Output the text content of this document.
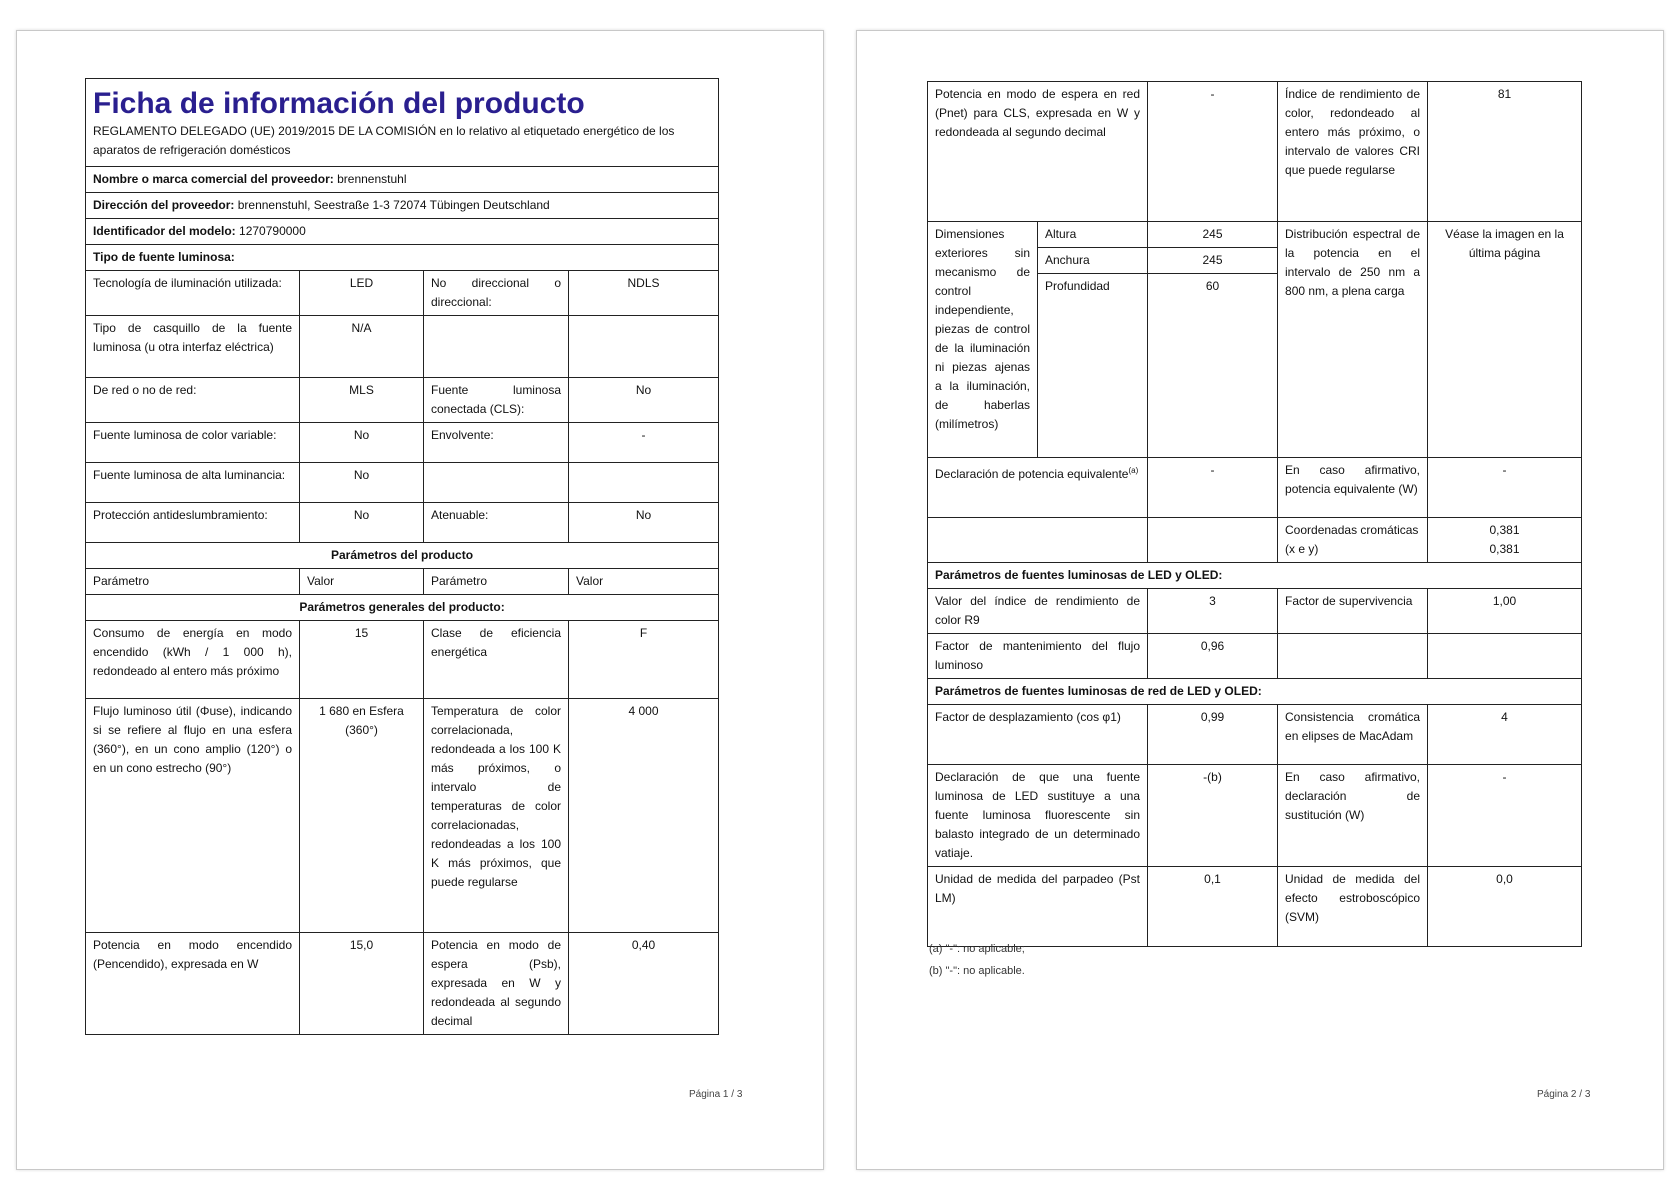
Ficha de información del producto
REGLAMENTO DELEGADO (UE) 2019/2015 DE LA COMISIÓN en lo relativo al etiquetado energético de los aparatos de refrigeración domésticos			

Nombre o marca comercial del proveedor: brennenstuhl			
Dirección del proveedor: brennenstuhl, Seestraße 1-3 72074 Tübingen Deutschland			
Identificador del modelo: 1270790000			
Tipo de fuente luminosa:			
Tecnología de iluminación utilizada:	LED	No direccional o direccional:	NDLS
Tipo de casquillo de la fuente luminosa (u otra interfaz eléctrica)	N/A		
De red o no de red:	MLS	Fuente luminosa conectada (CLS):	No
Fuente luminosa de color variable:	No	Envolvente:	-
Fuente luminosa de alta luminancia:	No		
Protección antideslumbramiento:	No	Atenuable:	No
Parámetros del producto			
Parámetro	Valor	Parámetro	Valor
Parámetros generales del producto:			
Consumo de energía en modo encendido (kWh / 1 000 h), redondeado al entero más próximo	15	Clase de eficiencia energética	F
Flujo luminoso útil (Φuse), indicando si se refiere al flujo en una esfera (360°), en un cono amplio (120°) o en un cono estrecho (90°)	1 680 en Esfera (360°)	Temperatura de color correlacionada, redondeada a los 100 K más próximos, o intervalo de temperaturas de color correlacionadas, redondeadas a los 100 K más próximos, que puede regularse	4 000
Potencia en modo encendido (Pencendido), expresada en W	15,0	Potencia en modo de espera (Psb), expresada en W y redondeada al segundo decimal	0,40
Página 1 / 3
Potencia en modo de espera en red (Pnet) para CLS, expresada en W y redondeada al segundo decimal		-	Índice de rendimiento de color, redondeado al entero más próximo, o intervalo de valores CRI que puede regularse	81
Dimensiones exteriores sin mecanismo de control independiente, piezas de control de la iluminación ni piezas ajenas a la iluminación, de haberlas (milímetros)	Altura	245	Distribución espectral de la potencia en el intervalo de 250 nm a 800 nm, a plena carga	Véase la imagen en la última página
	Anchura	245		
	Profundidad	60		
Declaración de potencia equivalente$^{(a)}$		-	En caso afirmativo, potencia equivalente (W)	-
			Coordenadas cromáticas (x e y)	0,381
0,381

Parámetros de fuentes luminosas de LED y OLED:				
Valor del índice de rendimiento de color R9		3	Factor de supervivencia	1,00
Factor de mantenimiento del flujo luminoso		0,96		
Parámetros de fuentes luminosas de red de LED y OLED:				
Factor de desplazamiento (cos φ1)		0,99	Consistencia cromática en elipses de MacAdam	4
Declaración de que una fuente luminosa de LED sustituye a una fuente luminosa fluorescente sin balasto integrado de un determinado vatiaje.		-(b)	En caso afirmativo, declaración de sustitución (W)	-
Unidad de medida del parpadeo (Pst LM)		0,1	Unidad de medida del efecto estroboscópico (SVM)	0,0
(a) "-": no aplicable;
(b) "-": no aplicable.
Página 2 / 3
